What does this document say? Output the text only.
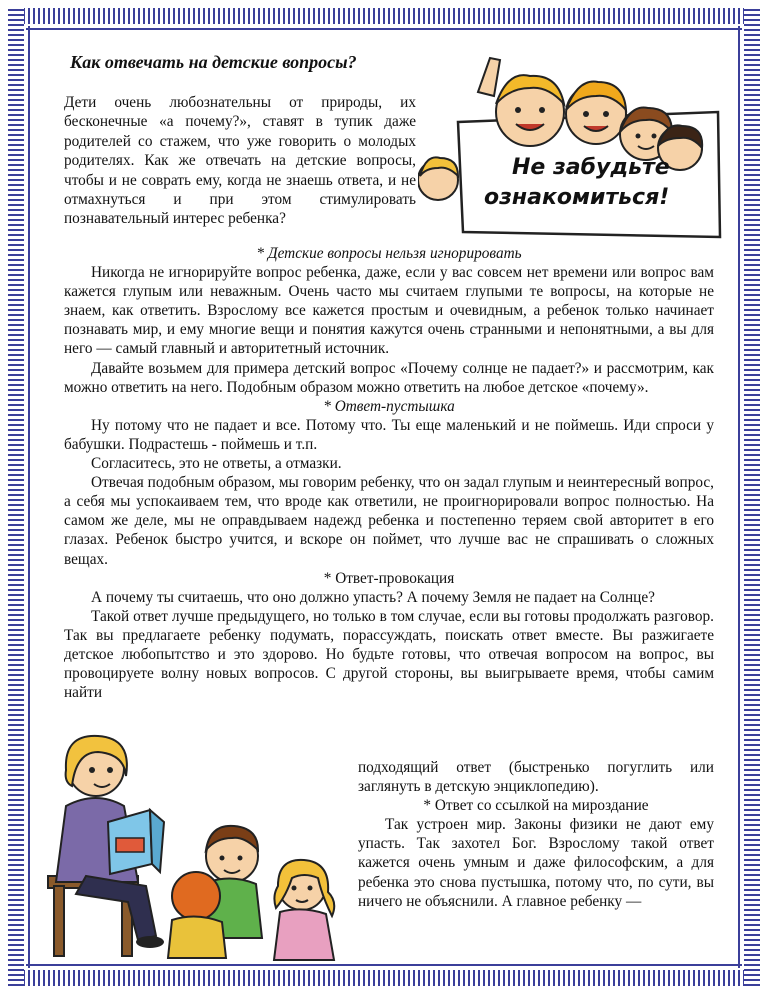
Как отвечать на детские вопросы?
Не забудьте
ознакомиться!

Дети очень любознательны от природы, их бесконечные «а почему?», ставят в тупик даже родителей со стажем, что уже говорить о молодых родителях. Как же отвечать на детские вопросы, чтобы и не соврать ему, когда не знаешь ответа, и не отмахнуться и при этом стимулировать познавательный интерес ребенка?

* Детские вопросы нельзя игнорировать

Никогда не игнорируйте вопрос ребенка, даже, если у вас совсем нет времени или вопрос вам кажется глупым или неважным. Очень часто мы считаем глупыми те вопросы, на которые не знаем, как ответить. Взрослому все кажется простым и очевидным, а ребенок только начинает познавать мир, и ему многие вещи и понятия кажутся очень странными и непонятными, а вы для него — самый главный и авторитетный источник.

Давайте возьмем для примера детский вопрос «Почему солнце не падает?» и рассмотрим, как можно ответить на него. Подобным образом можно ответить на любое детское «почему».

* Ответ-пустышка

Ну потому что не падает и все. Потому что. Ты еще маленький и не поймешь. Иди спроси у бабушки. Подрастешь - поймешь и т.п.

Согласитесь, это не ответы, а отмазки.

Отвечая подобным образом, мы говорим ребенку, что он задал глупым и неинтересный вопрос, а себя мы успокаиваем тем, что вроде как ответили, не проигнорировали вопрос полностью. На самом же деле, мы не оправдываем надежд ребенка и постепенно теряем свой авторитет в его глазах. Ребенок быстро учится, и вскоре он поймет, что лучше вас не спрашивать о сложных вещах.

* Ответ-провокация

А почему ты считаешь, что оно должно упасть? А почему Земля не падает на Солнце?

Такой ответ лучше предыдущего, но только в том случае, если вы готовы продолжать разговор. Так вы предлагаете ребенку подумать, порассуждать, поискать ответ вместе. Вы разжигаете детское любопытство и это здорово. Но будьте готовы, что отвечая вопросом на вопрос, вы провоцируете волну новых вопросов. С другой стороны, вы выигрываете время, чтобы самим найти

подходящий ответ (быстренько погуглить или заглянуть в детскую энциклопедию).

* Ответ со ссылкой на мироздание

Так устроен мир. Законы физики не дают ему упасть. Так захотел Бог. Взрослому такой ответ кажется очень умным и даже философским, а для ребенка это снова пустышка, потому что, по сути, вы ничего не объяснили. А главное ребенку —
